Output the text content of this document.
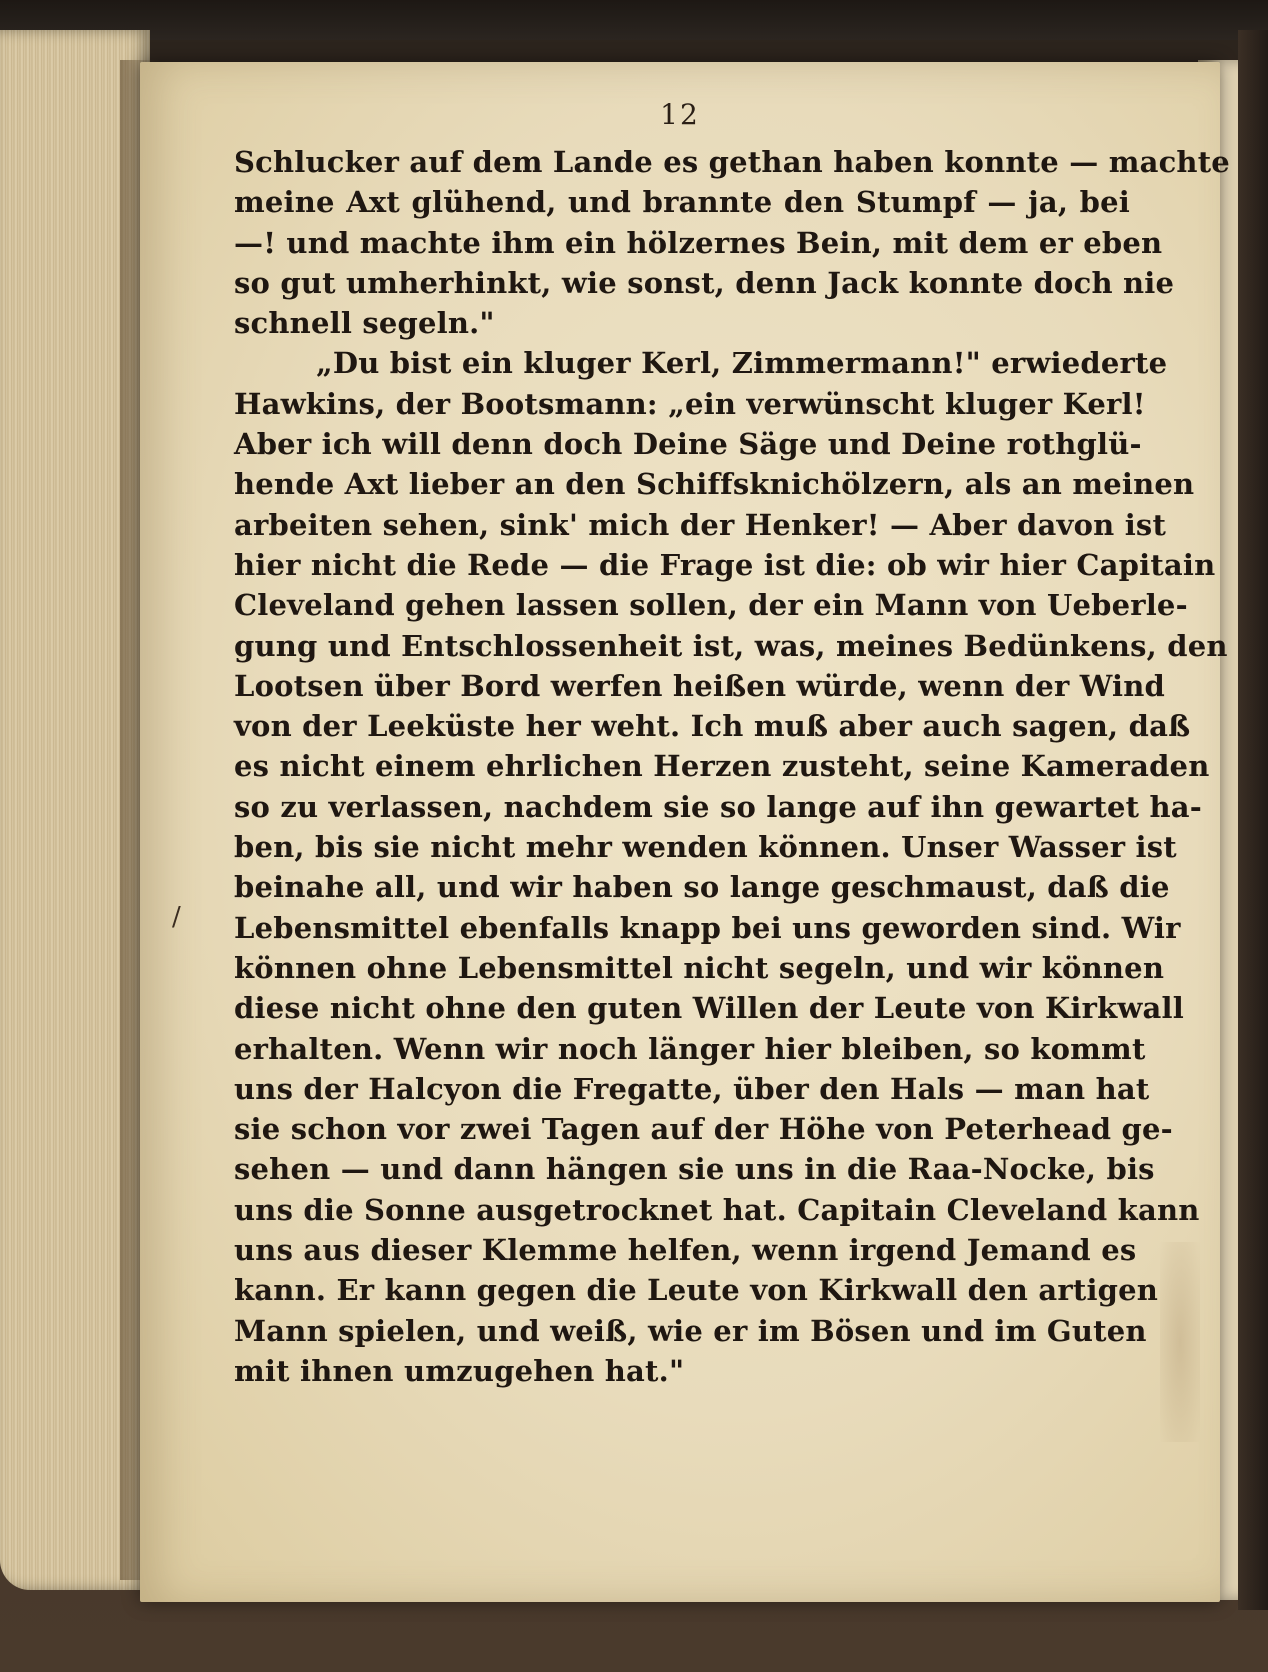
12
/
Schlucker auf dem Lande es gethan haben konnte — machte
meine Axt glühend, und brannte den Stumpf — ja, bei
—! und machte ihm ein hölzernes Bein, mit dem er eben
so gut umherhinkt, wie sonst, denn Jack konnte doch nie
schnell segeln."
„Du bist ein kluger Kerl, Zimmermann!" erwiederte
Hawkins, der Bootsmann: „ein verwünscht kluger Kerl!
Aber ich will denn doch Deine Säge und Deine rothglü-
hende Axt lieber an den Schiffsknichölzern, als an meinen
arbeiten sehen, sink' mich der Henker! — Aber davon ist
hier nicht die Rede — die Frage ist die: ob wir hier Capitain
Cleveland gehen lassen sollen, der ein Mann von Ueberle-
gung und Entschlossenheit ist, was, meines Bedünkens, den
Lootsen über Bord werfen heißen würde, wenn der Wind
von der Leeküste her weht. Ich muß aber auch sagen, daß
es nicht einem ehrlichen Herzen zusteht, seine Kameraden
so zu verlassen, nachdem sie so lange auf ihn gewartet ha-
ben, bis sie nicht mehr wenden können. Unser Wasser ist
beinahe all, und wir haben so lange geschmaust, daß die
Lebensmittel ebenfalls knapp bei uns geworden sind. Wir
können ohne Lebensmittel nicht segeln, und wir können
diese nicht ohne den guten Willen der Leute von Kirkwall
erhalten. Wenn wir noch länger hier bleiben, so kommt
uns der Halcyon die Fregatte, über den Hals — man hat
sie schon vor zwei Tagen auf der Höhe von Peterhead ge-
sehen — und dann hängen sie uns in die Raa-Nocke, bis
uns die Sonne ausgetrocknet hat. Capitain Cleveland kann
uns aus dieser Klemme helfen, wenn irgend Jemand es
kann. Er kann gegen die Leute von Kirkwall den artigen
Mann spielen, und weiß, wie er im Bösen und im Guten
mit ihnen umzugehen hat."
